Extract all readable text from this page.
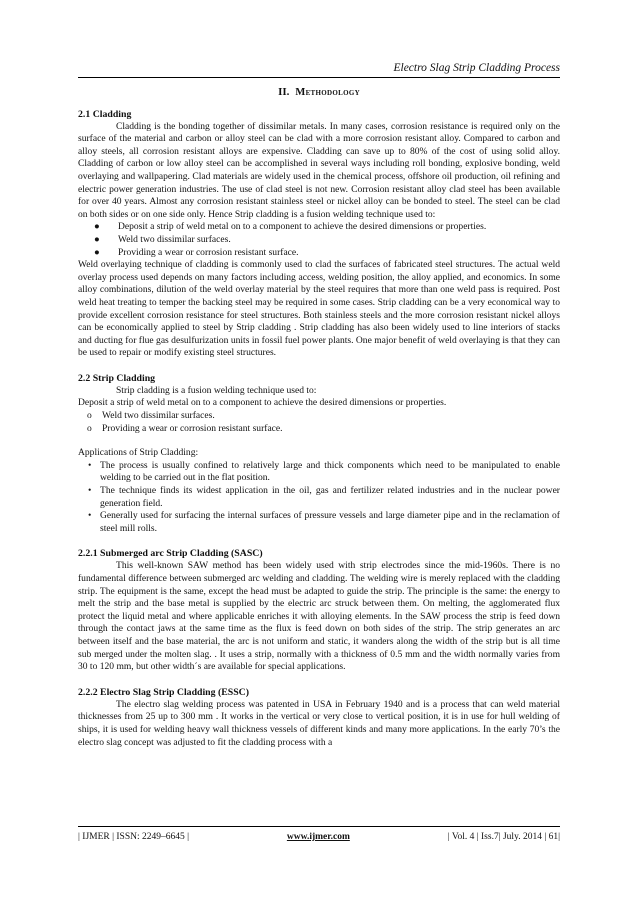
Electro Slag Strip Cladding Process
II. Methodology
2.1 Cladding

Cladding is the bonding together of dissimilar metals. In many cases, corrosion resistance is required only on the surface of the material and carbon or alloy steel can be clad with a more corrosion resistant alloy. Compared to carbon and alloy steels, all corrosion resistant alloys are expensive. Cladding can save up to 80% of the cost of using solid alloy. Cladding of carbon or low alloy steel can be accomplished in several ways including roll bonding, explosive bonding, weld overlaying and wallpapering. Clad materials are widely used in the chemical process, offshore oil production, oil refining and electric power generation industries. The use of clad steel is not new. Corrosion resistant alloy clad steel has been available for over 40 years. Almost any corrosion resistant stainless steel or nickel alloy can be bonded to steel. The steel can be clad on both sides or on one side only. Hence Strip cladding is a fusion welding technique used to:

● Deposit a strip of weld metal on to a component to achieve the desired dimensions or properties.
● Weld two dissimilar surfaces.
● Providing a wear or corrosion resistant surface.

Weld overlaying technique of cladding is commonly used to clad the surfaces of fabricated steel structures. The actual weld overlay process used depends on many factors including access, welding position, the alloy applied, and economics. In some alloy combinations, dilution of the weld overlay material by the steel requires that more than one weld pass is required. Post weld heat treating to temper the backing steel may be required in some cases. Strip cladding can be a very economical way to provide excellent corrosion resistance for steel structures. Both stainless steels and the more corrosion resistant nickel alloys can be economically applied to steel by Strip cladding . Strip cladding has also been widely used to line interiors of stacks and ducting for flue gas desulfurization units in fossil fuel power plants. One major benefit of weld overlaying is that they can be used to repair or modify existing steel structures.

2.2 Strip Cladding

Strip cladding is a fusion welding technique used to:

Deposit a strip of weld metal on to a component to achieve the desired dimensions or properties.

o Weld two dissimilar surfaces.
o Providing a wear or corrosion resistant surface.

Applications of Strip Cladding:

• The process is usually confined to relatively large and thick components which need to be manipulated to enable welding to be carried out in the flat position.
• The technique finds its widest application in the oil, gas and fertilizer related industries and in the nuclear power generation field.
• Generally used for surfacing the internal surfaces of pressure vessels and large diameter pipe and in the reclamation of steel mill rolls.
2.2.1 Submerged arc Strip Cladding (SASC)

This well-known SAW method has been widely used with strip electrodes since the mid-1960s. There is no fundamental difference between submerged arc welding and cladding. The welding wire is merely replaced with the cladding strip. The equipment is the same, except the head must be adapted to guide the strip. The principle is the same: the energy to melt the strip and the base metal is supplied by the electric arc struck between them. On melting, the agglomerated flux protect the liquid metal and where applicable enriches it with alloying elements. In the SAW process the strip is feed down through the contact jaws at the same time as the flux is feed down on both sides of the strip. The strip generates an arc between itself and the base material, the arc is not uniform and static, it wanders along the width of the strip but is all time sub merged under the molten slag. . It uses a strip, normally with a thickness of 0.5 mm and the width normally varies from 30 to 120 mm, but other width´s are available for special applications.

2.2.2 Electro Slag Strip Cladding (ESSC)

The electro slag welding process was patented in USA in February 1940 and is a process that can weld material thicknesses from 25 up to 300 mm . It works in the vertical or very close to vertical position, it is in use for hull welding of ships, it is used for welding heavy wall thickness vessels of different kinds and many more applications. In the early 70’s the electro slag concept was adjusted to fit the cladding process with a

| IJMER | ISSN: 2249–6645 |	www.ijmer.com	| Vol. 4 | Iss.7| July. 2014 | 61|
